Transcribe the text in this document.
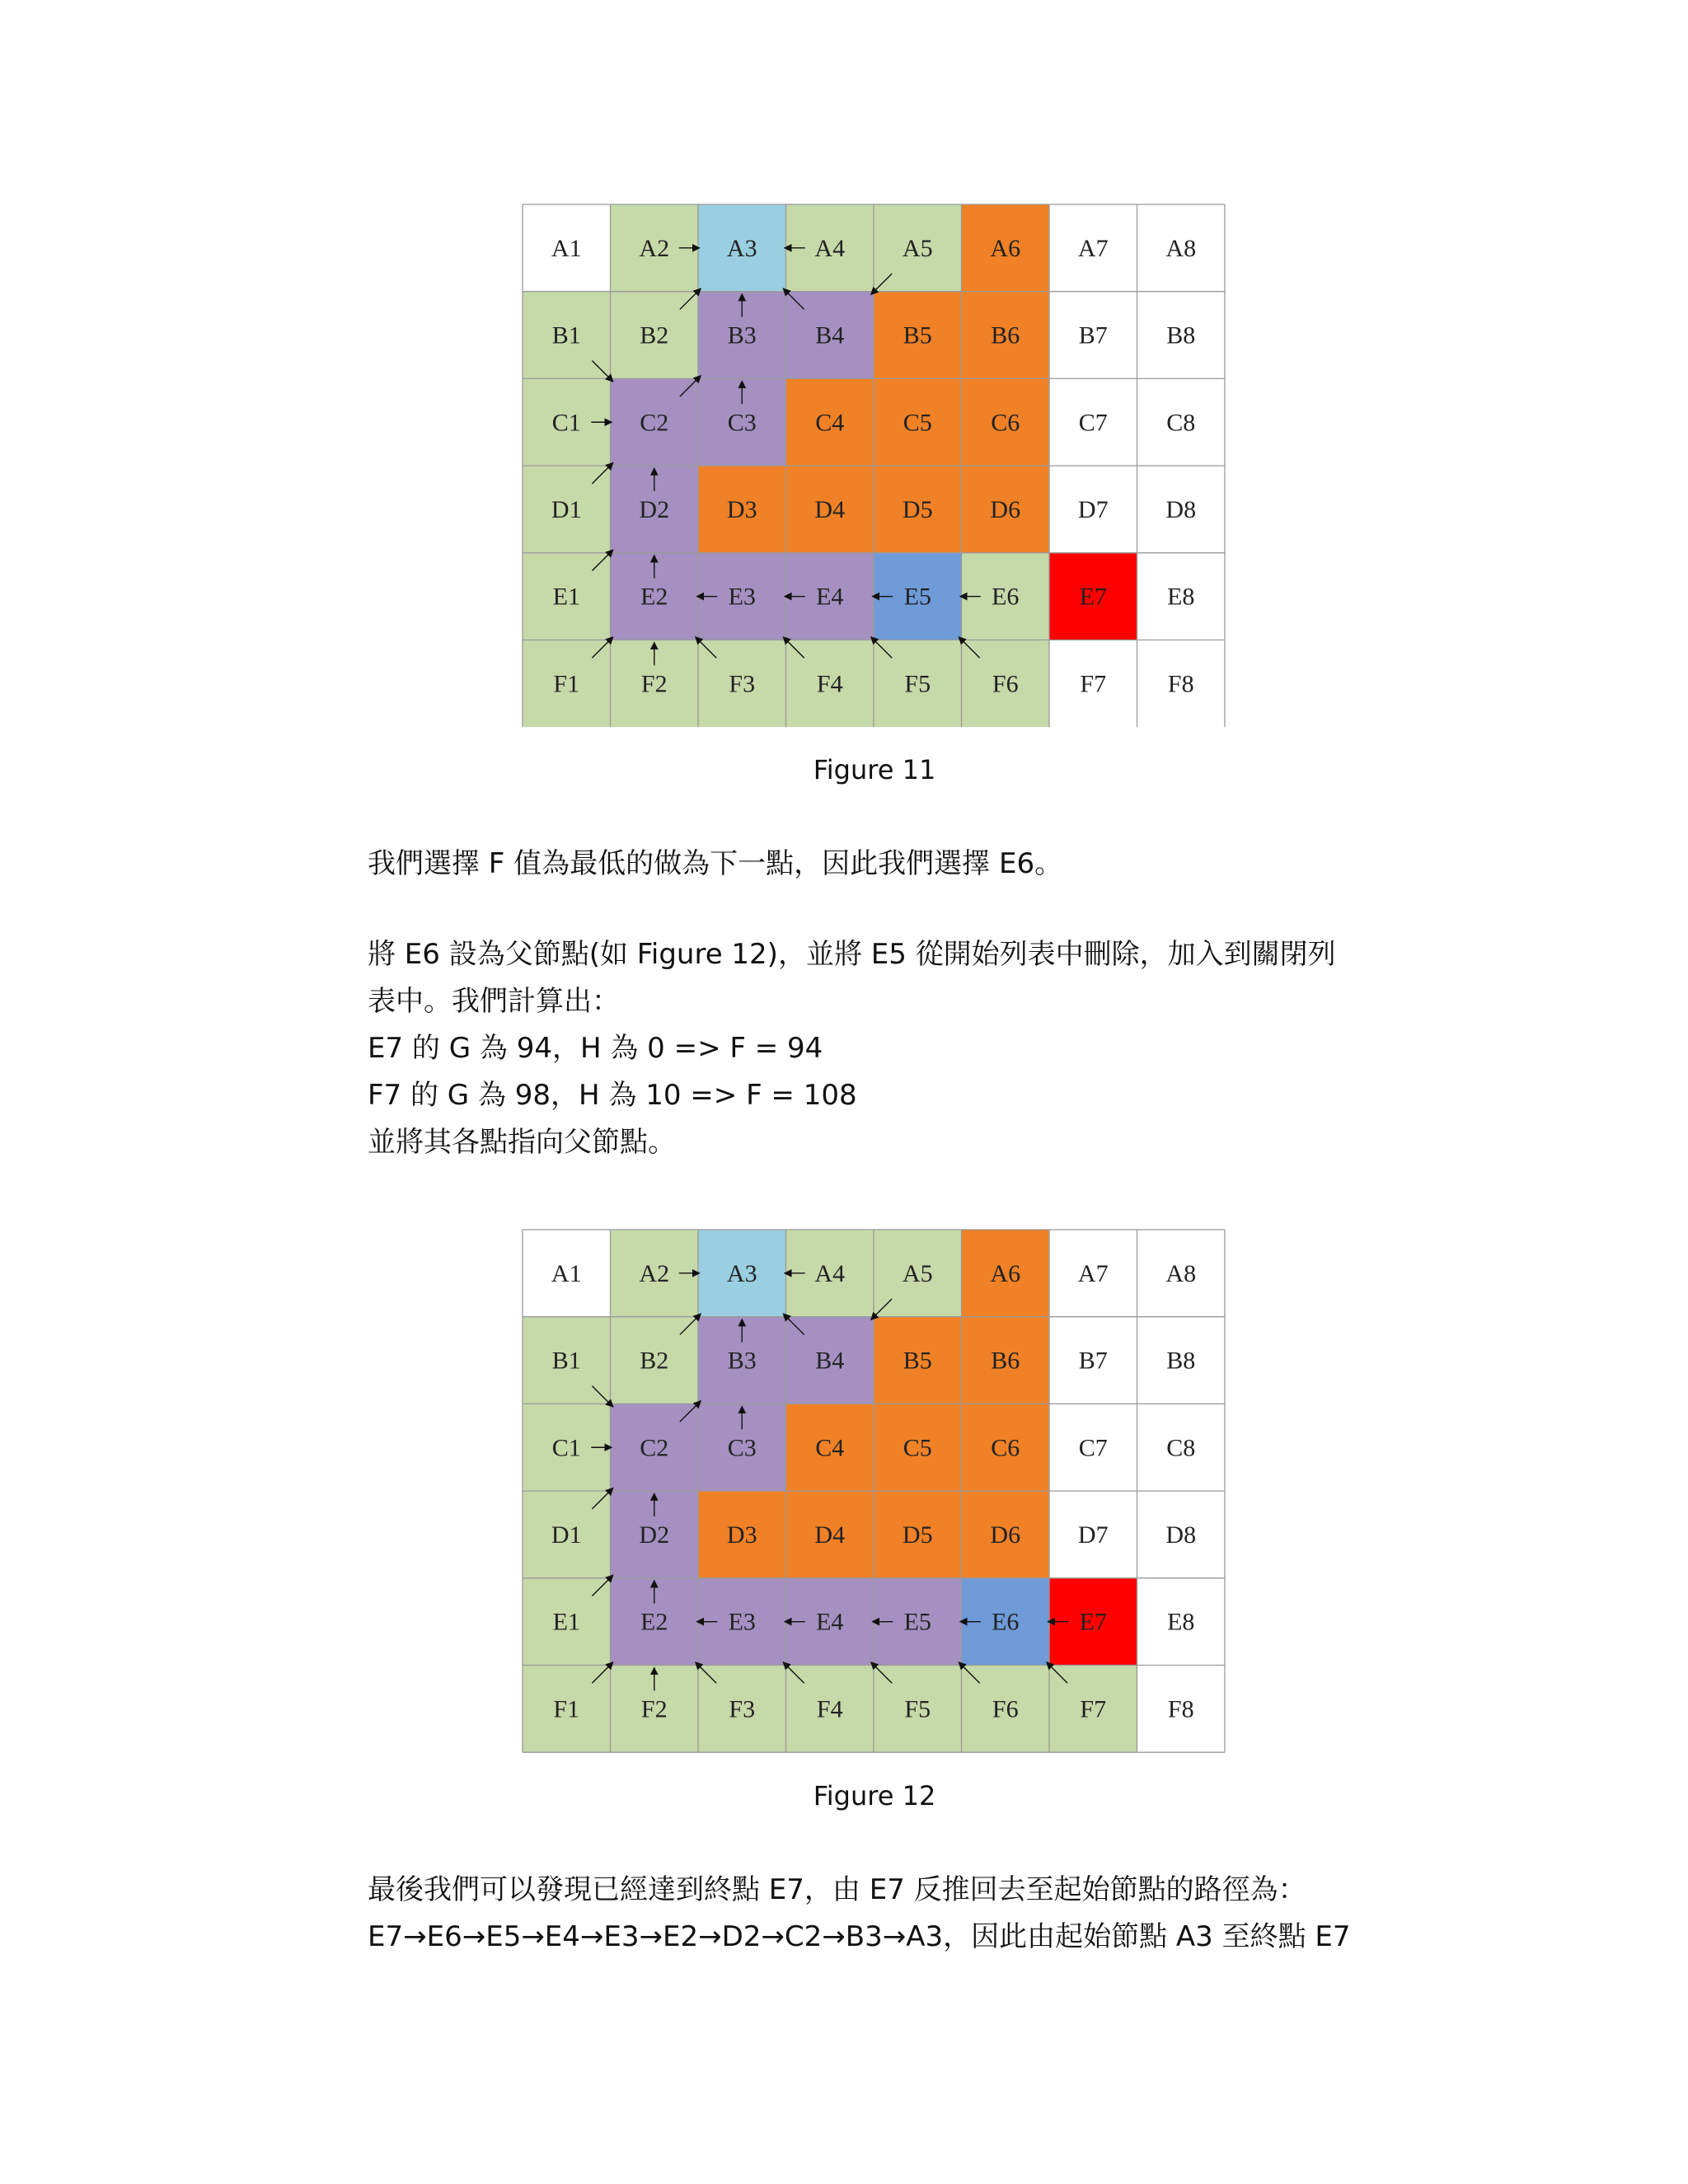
A1 A2 A3 A4 A5 A6 A7 A8
B1 B2 B3 B4 B5 B6 B7 B8
C1 C2 C3 C4 C5 C6 C7 C8
D1 D2 D3 D4 D5 D6 D7 D8
E1 E2 E3 E4 E5 E6 E7 E8
F1 F2 F3 F4 F5 F6 F7 F8
Figure 11
我們選擇 F 值為最低的做為下一點，因此我們選擇 E6。
將 E6 設為父節點(如 Figure 12)，並將 E5 從開始列表中刪除，加入到關閉列
表中。我們計算出：
E7 的 G 為 94，H 為 0 => F = 94
F7 的 G 為 98，H 為 10 => F = 108
並將其各點指向父節點。
A1 A2 A3 A4 A5 A6 A7 A8
B1 B2 B3 B4 B5 B6 B7 B8
C1 C2 C3 C4 C5 C6 C7 C8
D1 D2 D3 D4 D5 D6 D7 D8
E1 E2 E3 E4 E5 E6 E7 E8
F1 F2 F3 F4 F5 F6 F7 F8
Figure 12
最後我們可以發現已經達到終點 E7，由 E7 反推回去至起始節點的路徑為：
E7→E6→E5→E4→E3→E2→D2→C2→B3→A3，因此由起始節點 A3 至終點 E7
